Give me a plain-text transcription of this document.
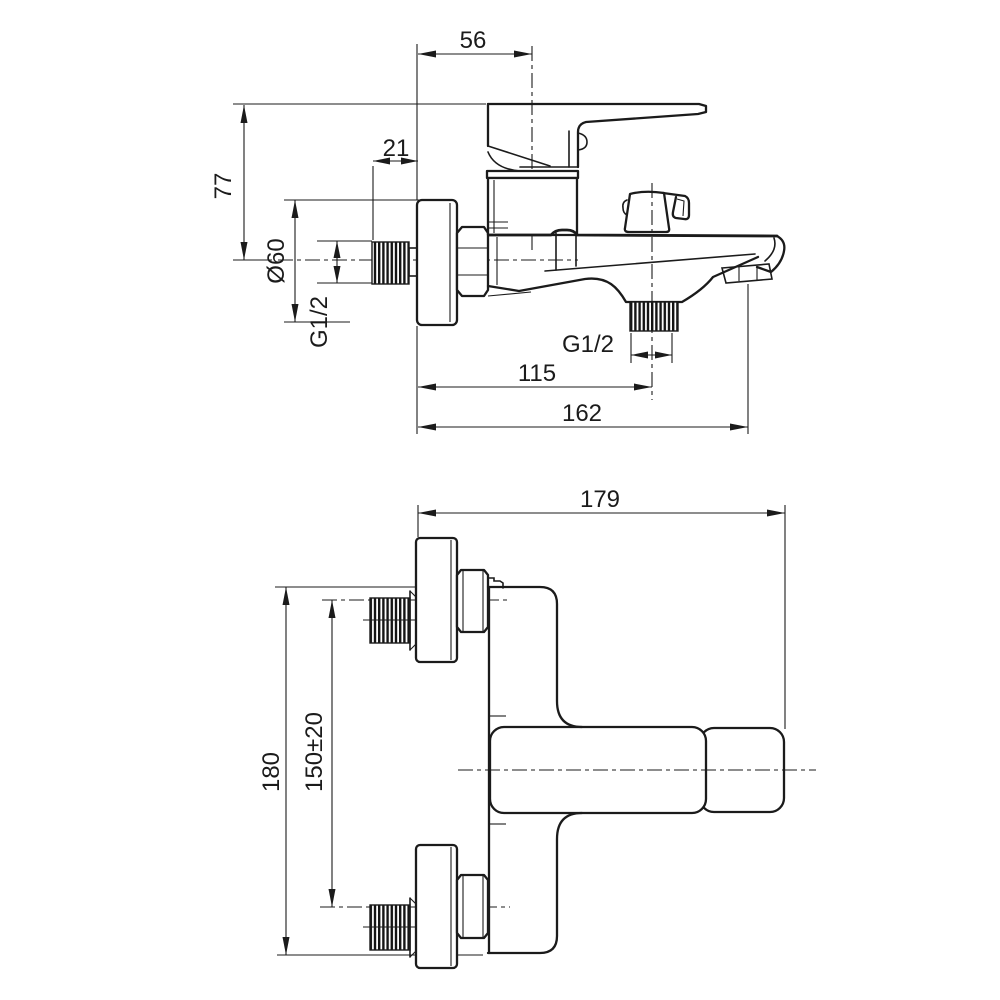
56
21
77
Ø60
G1/2	G1/2
115
162
179
180 150±20
